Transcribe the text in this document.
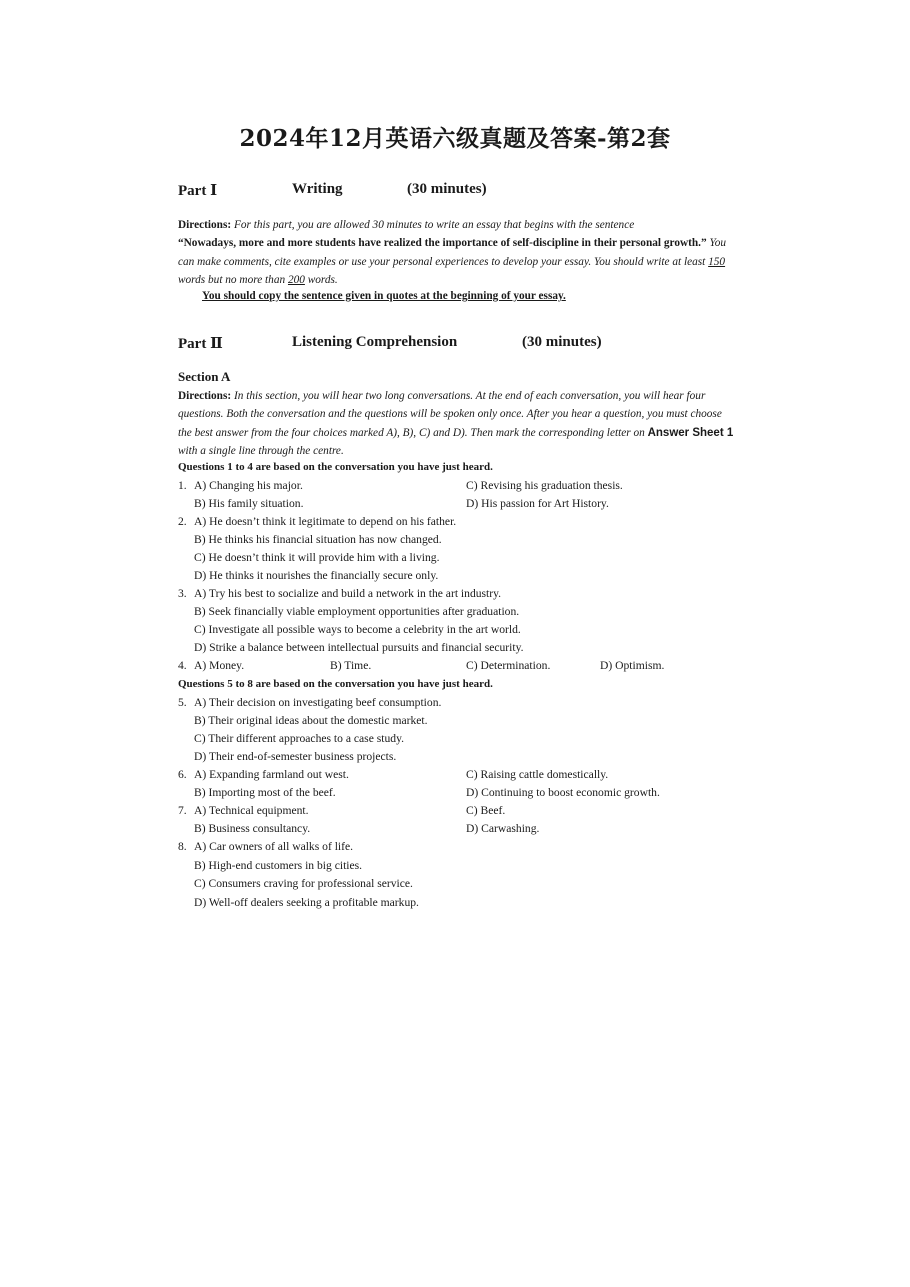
2024年12月英语六级真题及答案-第2套
Part Ⅰ	Writing	(30 minutes)
Directions: For this part, you are allowed 30 minutes to write an essay that begins with the sentence
“Nowadays, more and more students have realized the importance of self-discipline in their personal growth.” You can make comments, cite examples or use your personal experiences to develop your essay. You should write at least 150 words but no more than 200 words.
You should copy the sentence given in quotes at the beginning of your essay.
Part Ⅱ	Listening Comprehension	(30 minutes)
Section A
Directions: In this section, you will hear two long conversations. At the end of each conversation, you will hear four questions. Both the conversation and the questions will be spoken only once. After you hear a question, you must choose the best answer from the four choices marked A), B), C) and D). Then mark the corresponding letter on Answer Sheet 1 with a single line through the centre.
Questions 1 to 4 are based on the conversation you have just heard.
1. A) Changing his major.	C) Revising his graduation thesis.
B) His family situation.	D) His passion for Art History.
2. A) He doesn’t think it legitimate to depend on his father.
B) He thinks his financial situation has now changed.
C) He doesn’t think it will provide him with a living.
D) He thinks it nourishes the financially secure only.
3. A) Try his best to socialize and build a network in the art industry.
B) Seek financially viable employment opportunities after graduation.
C) Investigate all possible ways to become a celebrity in the art world.
D) Strike a balance between intellectual pursuits and financial security.
4. A) Money.	B) Time.	C) Determination.	D) Optimism.
Questions 5 to 8 are based on the conversation you have just heard.
5. A) Their decision on investigating beef consumption.
B) Their original ideas about the domestic market.
C) Their different approaches to a case study.
D) Their end-of-semester business projects.
6. A) Expanding farmland out west.	C) Raising cattle domestically.
B) Importing most of the beef.	D) Continuing to boost economic growth.
7. A) Technical equipment.	C) Beef.
B) Business consultancy.	D) Carwashing.
8. A) Car owners of all walks of life.
B) High-end customers in big cities.
C) Consumers craving for professional service.
D) Well-off dealers seeking a profitable markup.
